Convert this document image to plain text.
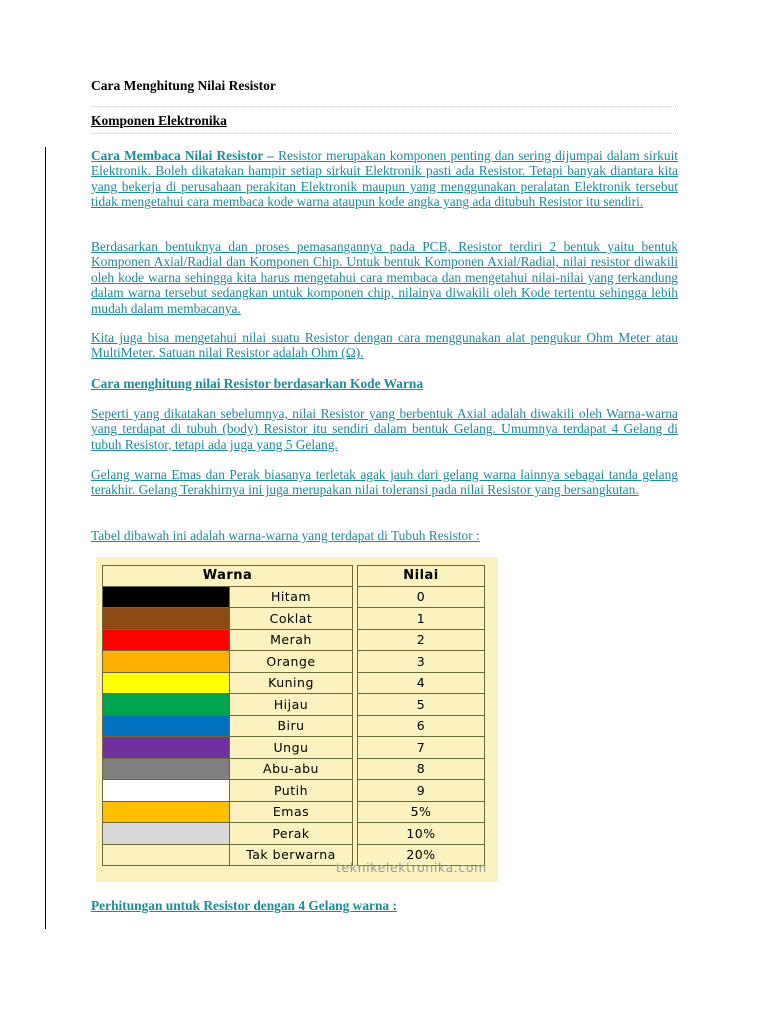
Cara Menghitung Nilai Resistor

Komponen Elektronika

Cara Membaca Nilai Resistor – Resistor merupakan komponen penting dan sering dijumpai dalam sirkuit Elektronik. Boleh dikatakan hampir setiap sirkuit Elektronik pasti ada Resistor. Tetapi banyak diantara kita yang bekerja di perusahaan perakitan Elektronik maupun yang menggunakan peralatan Elektronik tersebut tidak mengetahui cara membaca kode warna ataupun kode angka yang ada ditubuh Resistor itu sendiri.

Berdasarkan bentuknya dan proses pemasangannya pada PCB, Resistor terdiri 2 bentuk yaitu bentuk Komponen Axial/Radial dan Komponen Chip. Untuk bentuk Komponen Axial/Radial, nilai resistor diwakili oleh kode warna sehingga kita harus mengetahui cara membaca dan mengetahui nilai-nilai yang terkandung dalam warna tersebut sedangkan untuk komponen chip, nilainya diwakili oleh Kode tertentu sehingga lebih mudah dalam membacanya.

Kita juga bisa mengetahui nilai suatu Resistor dengan cara menggunakan alat pengukur Ohm Meter atau MultiMeter. Satuan nilai Resistor adalah Ohm (Ω).

Cara menghitung nilai Resistor berdasarkan Kode Warna

Seperti yang dikatakan sebelumnya, nilai Resistor yang berbentuk Axial adalah diwakili oleh Warna-warna yang terdapat di tubuh (body) Resistor itu sendiri dalam bentuk Gelang. Umumnya terdapat 4 Gelang di tubuh Resistor, tetapi ada juga yang 5 Gelang.

Gelang warna Emas dan Perak biasanya terletak agak jauh dari gelang warna lainnya sebagai tanda gelang terakhir. Gelang Terakhirnya ini juga merupakan nilai toleransi pada nilai Resistor yang bersangkutan.

Tabel dibawah ini adalah warna-warna yang terdapat di Tubuh Resistor :

Warna			Nilai
	Hitam		0
	Coklat		1
	Merah		2
	Orange		3
	Kuning		4
	Hijau		5
	Biru		6
	Ungu		7
	Abu-abu		8
	Putih		9
	Emas		5%
	Perak		10%
	Tak berwarna		20%
teknikelektronika.com

Perhitungan untuk Resistor dengan 4 Gelang warna :
